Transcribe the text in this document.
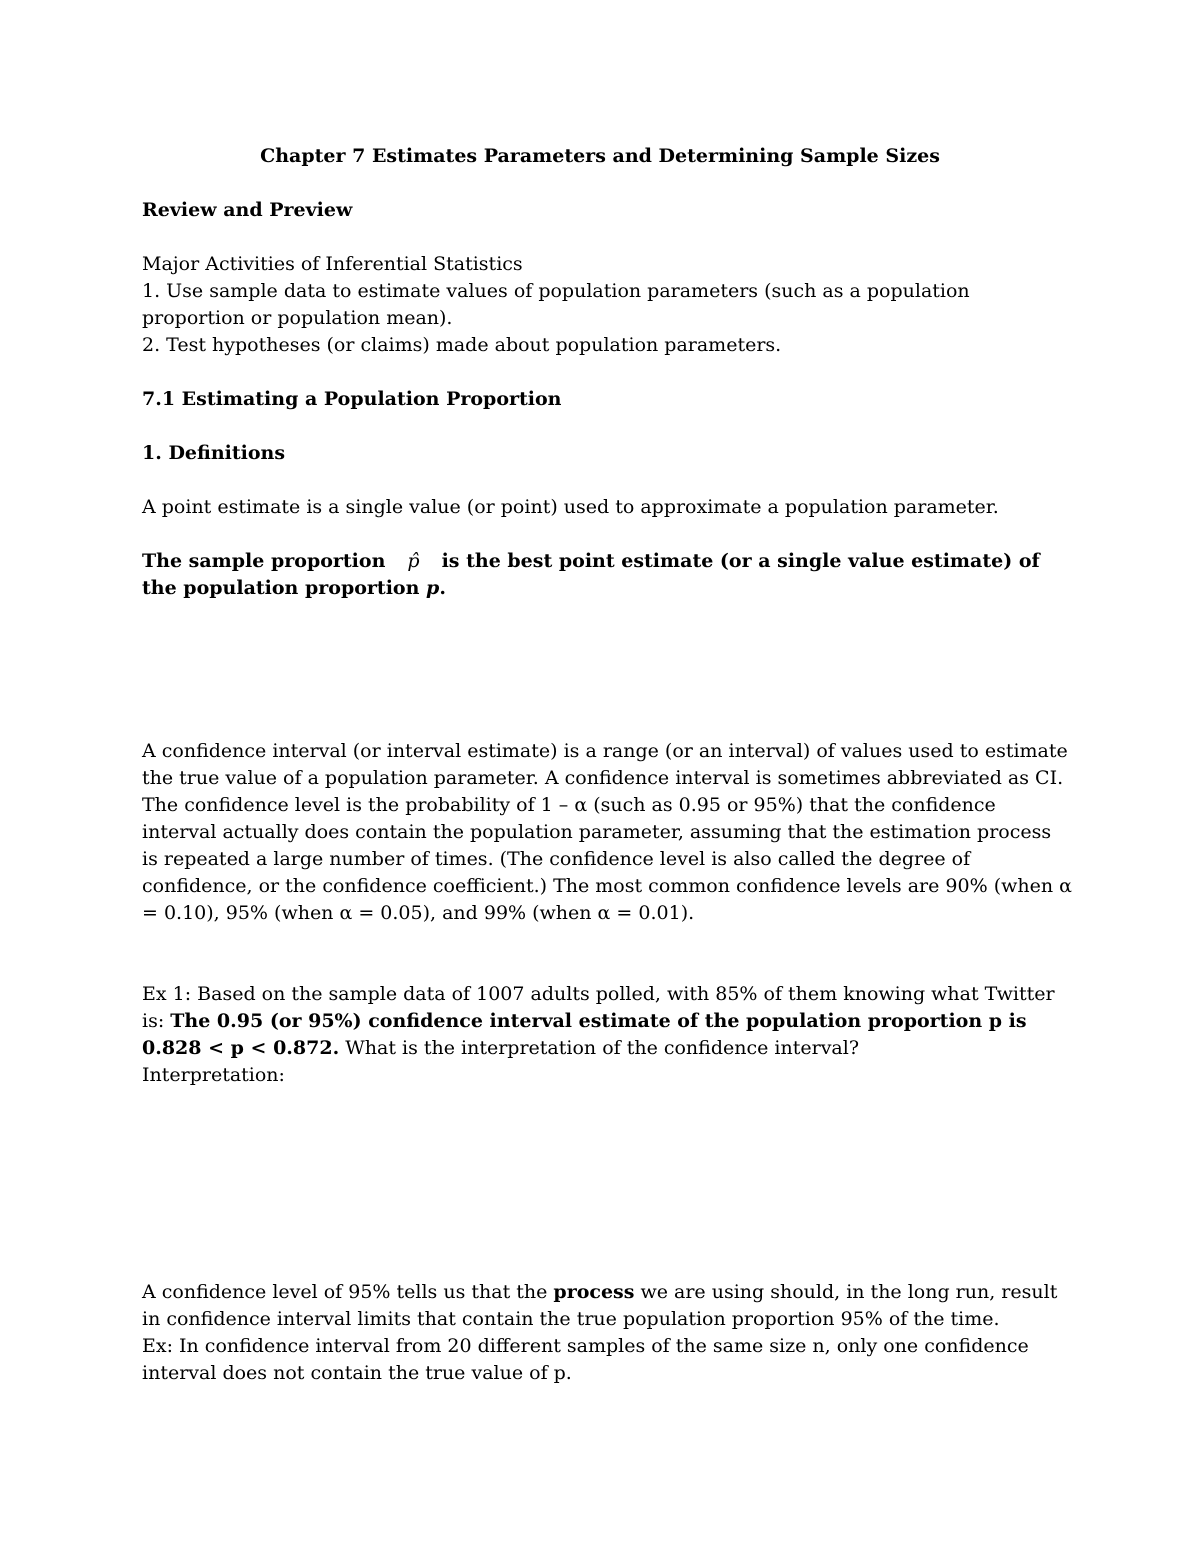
Chapter 7 Estimates Parameters and Determining Sample Sizes

Review and Preview

Major Activities of Inferential Statistics
1. Use sample data to estimate values of population parameters (such as a population proportion or population mean).
2. Test hypotheses (or claims) made about population parameters.

7.1 Estimating a Population Proportion

1. Definitions

A point estimate is a single value (or point) used to approximate a population parameter.

The sample proportion p̂ is the best point estimate (or a single value estimate) of the population proportion p.

A confidence interval (or interval estimate) is a range (or an interval) of values used to estimate the true value of a population parameter. A confidence interval is sometimes abbreviated as CI. The confidence level is the probability of 1 – α (such as 0.95 or 95%) that the confidence interval actually does contain the population parameter, assuming that the estimation process is repeated a large number of times. (The confidence level is also called the degree of confidence, or the confidence coefficient.) The most common confidence levels are 90% (when α = 0.10), 95% (when α = 0.05), and 99% (when α = 0.01).

Ex 1: Based on the sample data of 1007 adults polled, with 85% of them knowing what Twitter is: The 0.95 (or 95%) confidence interval estimate of the population proportion p is 0.828 < p < 0.872. What is the interpretation of the confidence interval?
Interpretation:
A confidence level of 95% tells us that the process we are using should, in the long run, result in confidence interval limits that contain the true population proportion 95% of the time.
Ex: In confidence interval from 20 different samples of the same size n, only one confidence interval does not contain the true value of p.
